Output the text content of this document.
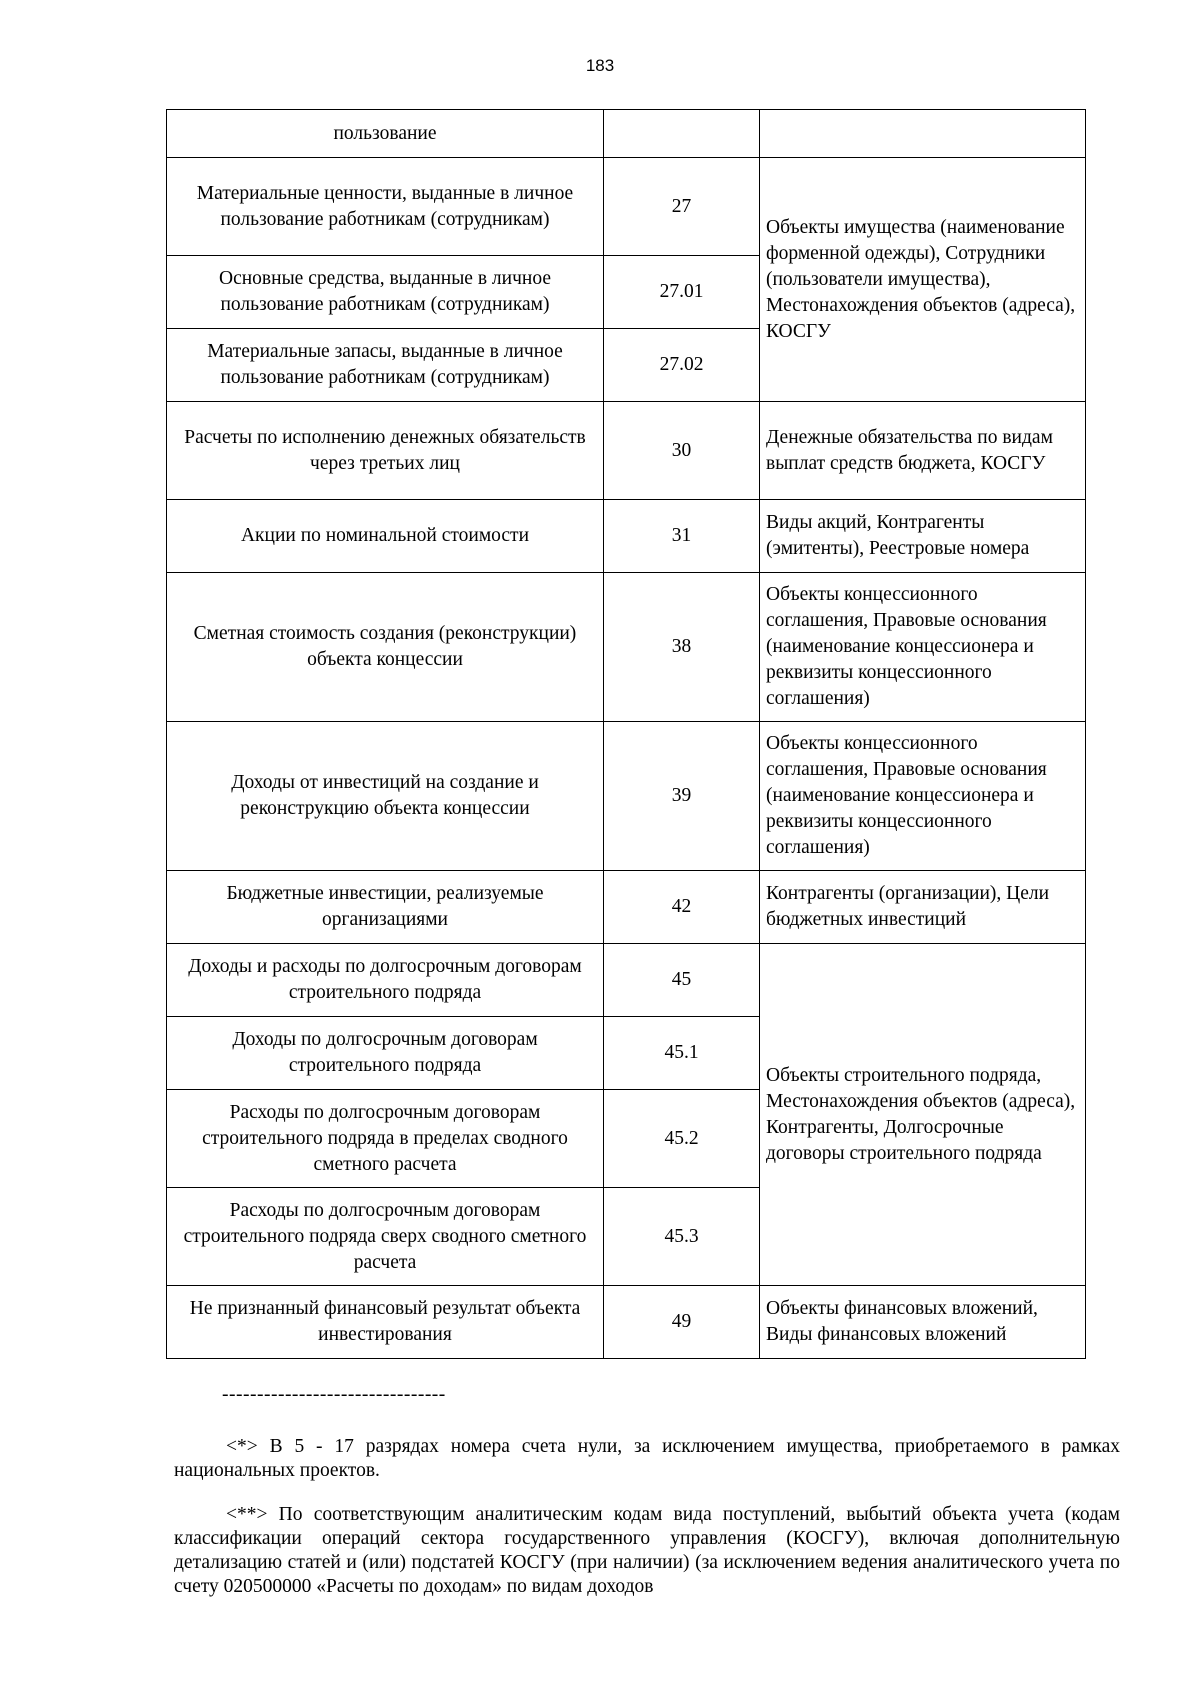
183
пользование		
Материальные ценности, выданные в личное пользование работникам (сотрудникам)	27	Объекты имущества (наименование форменной одежды), Сотрудники (пользователи имущества), Местонахождения объектов (адреса), КОСГУ
Основные средства, выданные в личное пользование работникам (сотрудникам)	27.01	
Материальные запасы, выданные в личное пользование работникам (сотрудникам)	27.02	
Расчеты по исполнению денежных обязательств через третьих лиц	30	Денежные обязательства по видам выплат средств бюджета, КОСГУ
Акции по номинальной стоимости	31	Виды акций, Контрагенты (эмитенты), Реестровые номера
Сметная стоимость создания (реконструкции) объекта концессии	38	Объекты концессионного соглашения, Правовые основания (наименование концессионера и реквизиты концессионного соглашения)
Доходы от инвестиций на создание и реконструкцию объекта концессии	39	Объекты концессионного соглашения, Правовые основания (наименование концессионера и реквизиты концессионного соглашения)
Бюджетные инвестиции, реализуемые организациями	42	Контрагенты (организации), Цели бюджетных инвестиций
Доходы и расходы по долгосрочным договорам строительного подряда	45	Объекты строительного подряда, Местонахождения объектов (адреса), Контрагенты, Долгосрочные договоры строительного подряда
Доходы по долгосрочным договорам строительного подряда	45.1	
Расходы по долгосрочным договорам строительного подряда в пределах сводного сметного расчета	45.2	
Расходы по долгосрочным договорам строительного подряда сверх сводного сметного расчета	45.3	
Не признанный финансовый результат объекта инвестирования	49	Объекты финансовых вложений, Виды финансовых вложений
--------------------------------

<*> В 5 - 17 разрядах номера счета нули, за исключением имущества, приобретаемого в рамках национальных проектов.

<**> По соответствующим аналитическим кодам вида поступлений, выбытий объекта учета (кодам классификации операций сектора государственного управления (КОСГУ), включая дополнительную детализацию статей и (или) подстатей КОСГУ (при наличии) (за исключением ведения аналитического учета по счету 020500000 «Расчеты по доходам» по видам доходов
